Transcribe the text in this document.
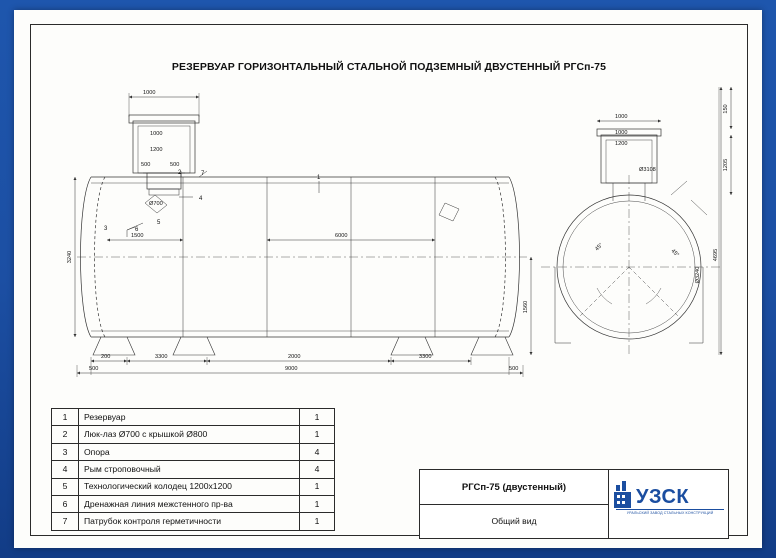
РЕЗЕРВУАР ГОРИЗОНТАЛЬНЫЙ СТАЛЬНОЙ ПОДЗЕМНЫЙ ДВУСТЕННЫЙ РГСп-75
1000
1000
1200
500	500
Ø700
1500	6000
200	3300	2000	3300
9000
500	500
3240
1560
1000
1000
1200
150
1205
4695
Ø3240
Ø3108
45°
45°
1
2
3
4
5
6
7
1	Резервуар	1
2	Люк-лаз Ø700 с крышкой Ø800	1
3	Опора	4
4	Рым строповочный	4
5	Технологический колодец 1200х1200	1
6	Дренажная линия межстенного пр-ва	1
7	Патрубок контроля герметичности	1
РГСп-75 (двустенный)
Общий вид
УЗСК
УРАЛЬСКИЙ ЗАВОД СТАЛЬНЫХ КОНСТРУКЦИЙ
